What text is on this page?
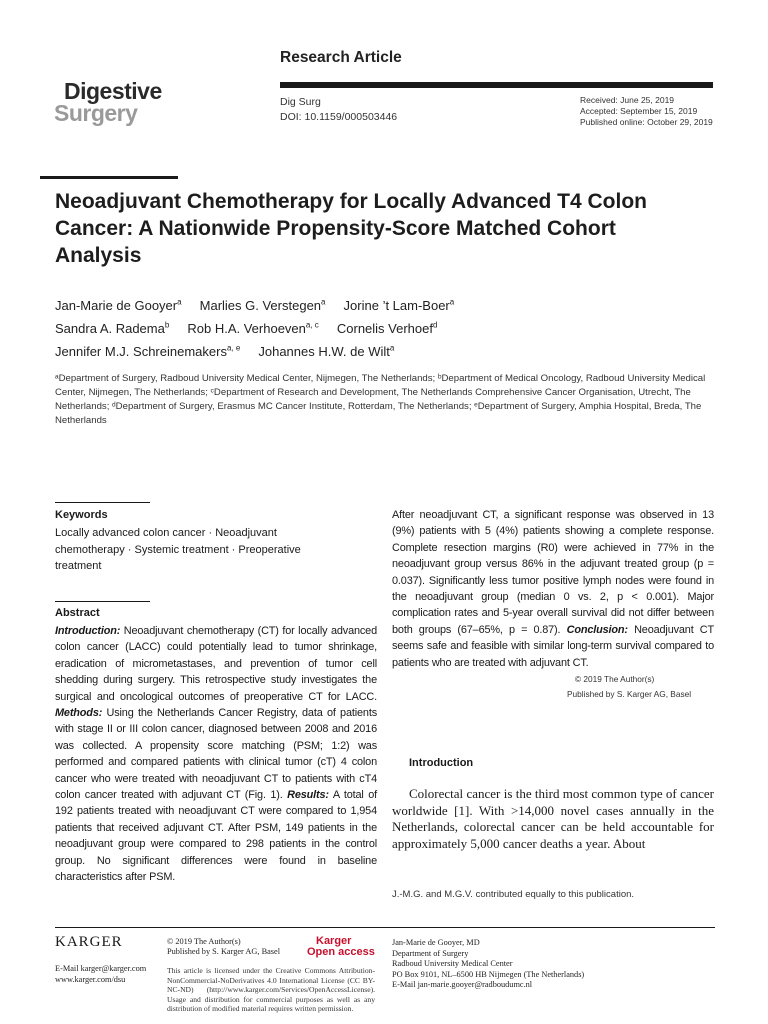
Research Article
Digestive
Surgery	Dig Surg
DOI: 10.1159/000503446
Received: June 25, 2019
Accepted: September 15, 2019
Published online: October 29, 2019
Neoadjuvant Chemotherapy for Locally Advanced T4 Colon Cancer: A Nationwide Propensity-Score Matched Cohort Analysis
Jan-Marie de Gooyer$^a$ Marlies G. Verstegen$^a$ Jorine ’t Lam-Boer$^a$
Sandra A. Radema$^b$ Rob H.A. Verhoeven$^{a, c}$ Cornelis Verhoef$^d$
Jennifer M.J. Schreinemakers$^{a, e}$ Johannes H.W. de Wilt$^a$
ᵃDepartment of Surgery, Radboud University Medical Center, Nijmegen, The Netherlands; ᵇDepartment of Medical Oncology, Radboud University Medical Center, Nijmegen, The Netherlands; ᶜDepartment of Research and Development, The Netherlands Comprehensive Cancer Organisation, Utrecht, The Netherlands; ᵈDepartment of Surgery, Erasmus MC Cancer Institute, Rotterdam, The Netherlands; ᵉDepartment of Surgery, Amphia Hospital, Breda, The Netherlands
Keywords
Locally advanced colon cancer · Neoadjuvant chemotherapy · Systemic treatment · Preoperative treatment
Abstract
Introduction: Neoadjuvant chemotherapy (CT) for locally advanced colon cancer (LACC) could potentially lead to tumor shrinkage, eradication of micrometastases, and prevention of tumor cell shedding during surgery. This retrospective study investigates the surgical and oncological outcomes of preoperative CT for LACC. Methods: Using the Netherlands Cancer Registry, data of patients with stage II or III colon cancer, diagnosed between 2008 and 2016 was collected. A propensity score matching (PSM; 1:2) was performed and compared patients with clinical tumor (cT) 4 colon cancer who were treated with neoadjuvant CT to patients with cT4 colon cancer treated with adjuvant CT (Fig. 1). Results: A total of 192 patients treated with neoadjuvant CT were compared to 1,954 patients that received adjuvant CT. After PSM, 149 patients in the neoadjuvant group were compared to 298 patients in the control group. No significant differences were found in baseline characteristics after PSM.
After neoadjuvant CT, a significant response was observed in 13 (9%) patients with 5 (4%) patients showing a complete response. Complete resection margins (R0) were achieved in 77% in the neoadjuvant group versus 86% in the adjuvant treated group (p = 0.037). Significantly less tumor positive lymph nodes were found in the neoadjuvant group (median 0 vs. 2, p < 0.001). Major complication rates and 5-year overall survival did not differ between both groups (67–65%, p = 0.87). Conclusion: Neoadjuvant CT seems safe and feasible with similar long-term survival compared to patients who are treated with adjuvant CT.
© 2019 The Author(s)
Published by S. Karger AG, Basel
Introduction
Colorectal cancer is the third most common type of cancer worldwide [1]. With >14,000 novel cases annually in the Netherlands, colorectal cancer can be held accountable for approximately 5,000 cancer deaths a year. About
J.-M.G. and M.G.V. contributed equally to this publication.
KARGER
E-Mail karger@karger.com
www.karger.com/dsu
© 2019 The Author(s)
Published by S. Karger AG, Basel
Karger
Open access
This article is licensed under the Creative Commons Attribution-NonCommercial-NoDerivatives 4.0 International License (CC BY-NC-ND) (http://www.karger.com/Services/OpenAccessLicense). Usage and distribution for commercial purposes as well as any distribution of modified material requires written permission.
Jan-Marie de Gooyer, MD
Department of Surgery
Radboud University Medical Center
PO Box 9101, NL–6500 HB Nijmegen (The Netherlands)
E-Mail jan-marie.gooyer@radboudumc.nl
